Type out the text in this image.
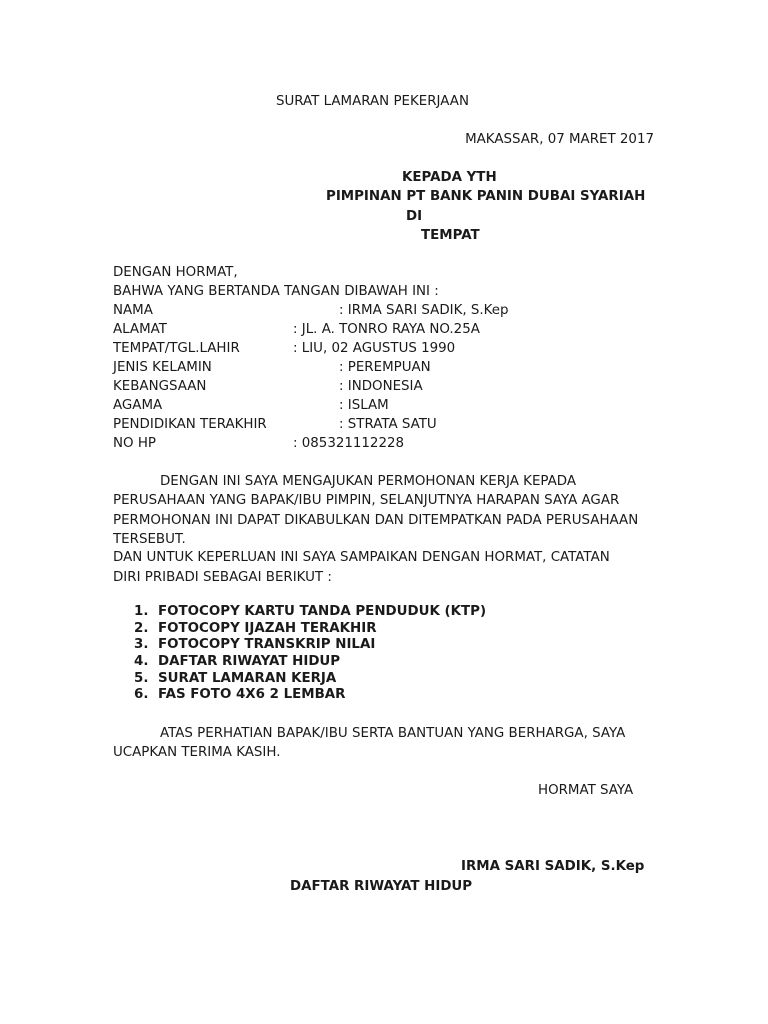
SURAT LAMARAN PEKERJAAN
MAKASSAR, 07 MARET 2017
KEPADA YTH
PIMPINAN PT BANK PANIN DUBAI SYARIAH
DI
TEMPAT
DENGAN HORMAT,
BAHWA YANG BERTANDA TANGAN DIBAWAH INI :
NAMA	: IRMA SARI SADIK, S.Kep
ALAMAT	: JL. A. TONRO RAYA NO.25A
TEMPAT/TGL.LAHIR	: LIU, 02 AGUSTUS 1990
JENIS KELAMIN	: PEREMPUAN
KEBANGSAAN	: INDONESIA
AGAMA	: ISLAM
PENDIDIKAN TERAKHIR	: STRATA SATU
NO HP	: 085321112228
DENGAN INI SAYA MENGAJUKAN PERMOHONAN KERJA KEPADA
PERUSAHAAN YANG BAPAK/IBU PIMPIN, SELANJUTNYA HARAPAN SAYA AGAR
PERMOHONAN INI DAPAT DIKABULKAN DAN DITEMPATKAN PADA PERUSAHAAN
TERSEBUT.
DAN UNTUK KEPERLUAN INI SAYA SAMPAIKAN DENGAN HORMAT, CATATAN
DIRI PRIBADI SEBAGAI BERIKUT :
1. FOTOCOPY KARTU TANDA PENDUDUK (KTP)
2. FOTOCOPY IJAZAH TERAKHIR
3. FOTOCOPY TRANSKRIP NILAI
4. DAFTAR RIWAYAT HIDUP
5. SURAT LAMARAN KERJA
6. FAS FOTO 4X6 2 LEMBAR
ATAS PERHATIAN BAPAK/IBU SERTA BANTUAN YANG BERHARGA, SAYA
UCAPKAN TERIMA KASIH.
HORMAT SAYA
IRMA SARI SADIK, S.Kep
DAFTAR RIWAYAT HIDUP
